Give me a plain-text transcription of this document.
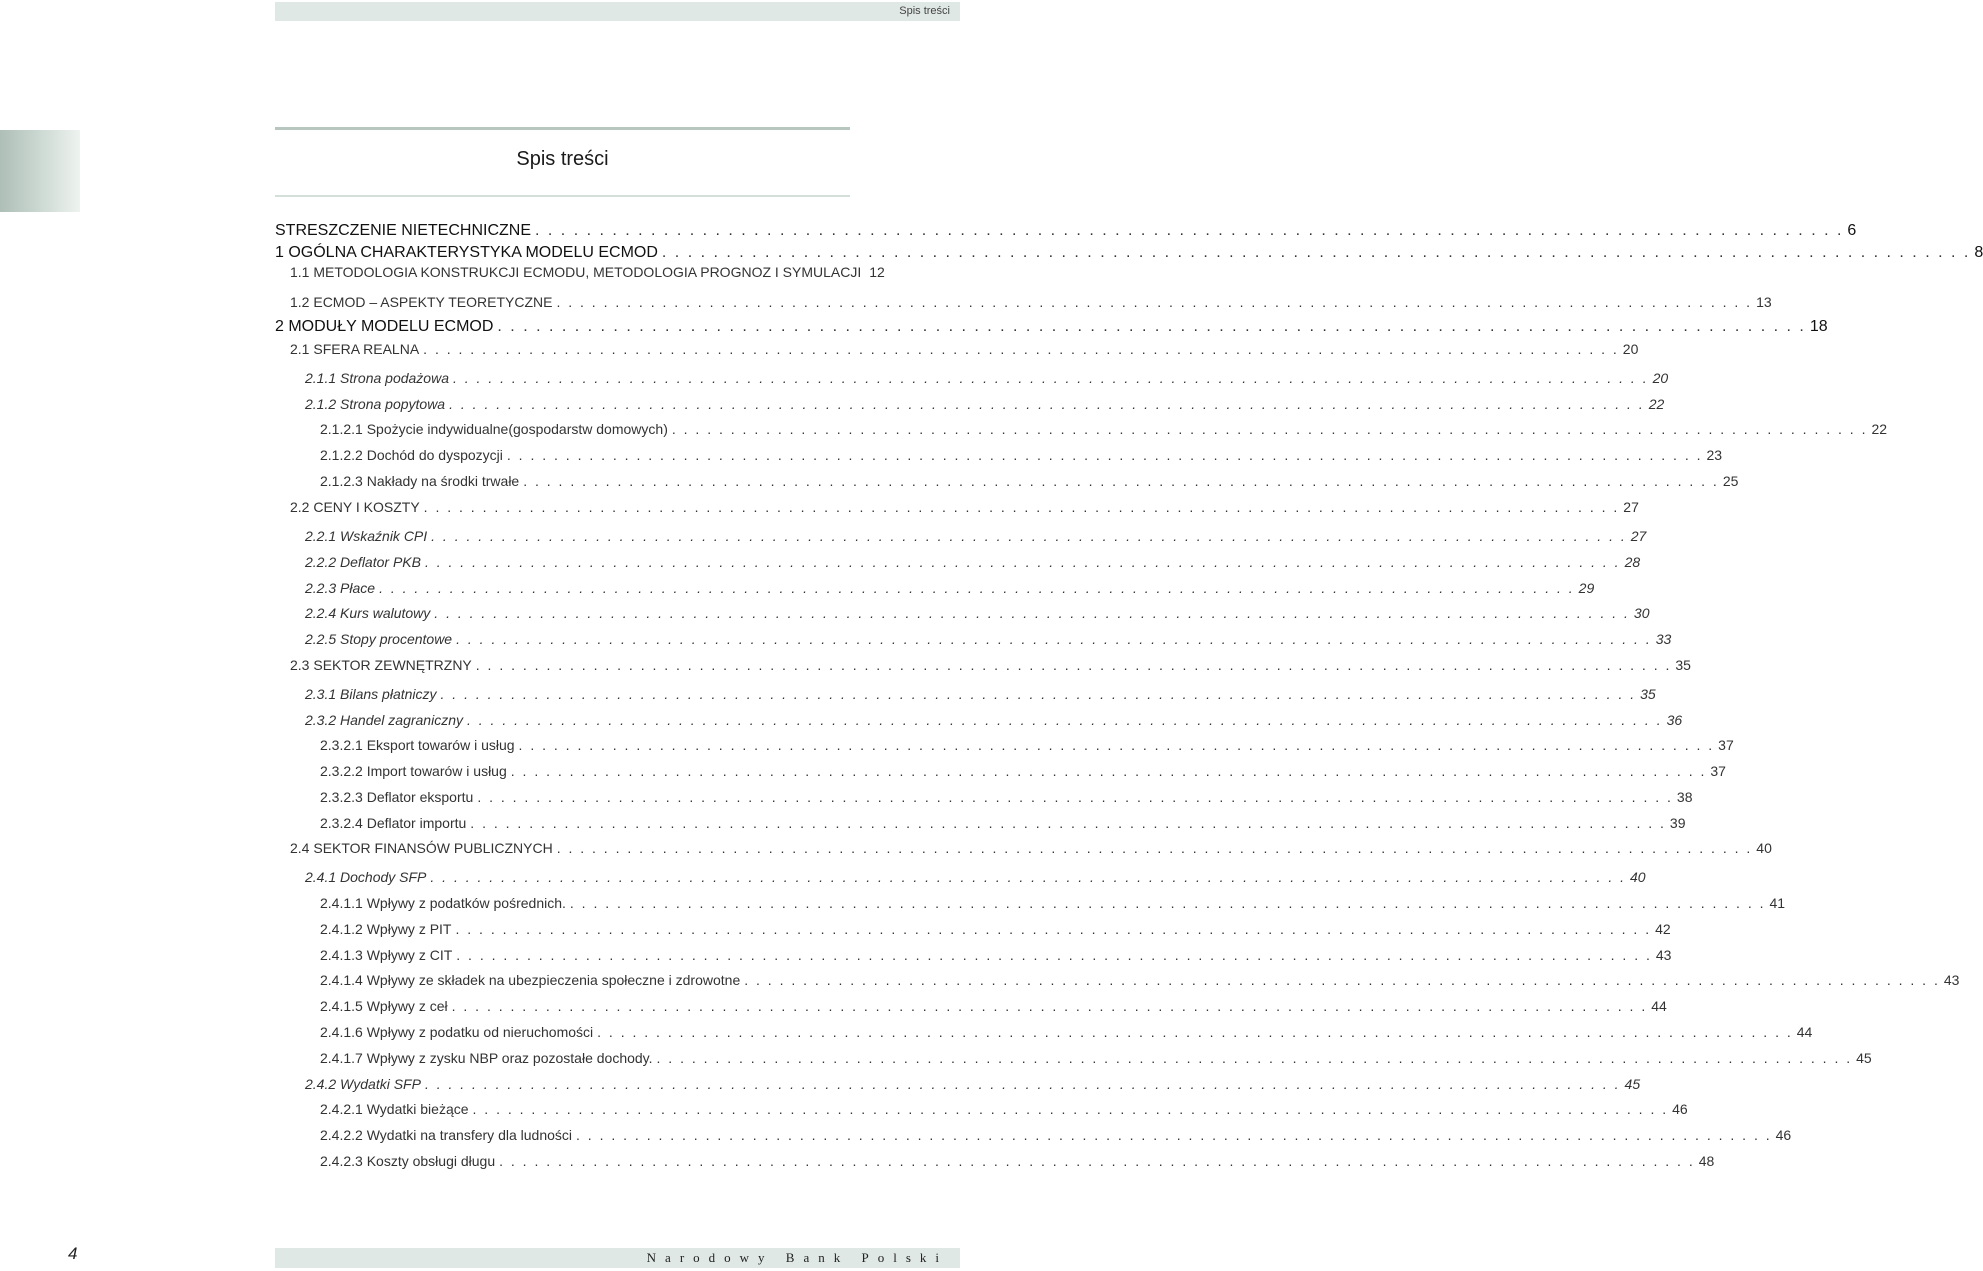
Spis treści
Spis treści
STRESZCZENIE NIETECHNICZNE . . .	6
1 OGÓLNA CHARAKTERYSTYKA MODELU ECMOD . . .	8
1.1 METODOLOGIA KONSTRUKCJI ECMODU, METODOLOGIA PROGNOZ I SYMULACJI 12
1.2 ECMOD – ASPEKTY TEORETYCZNE . . .	13
2 MODUŁY MODELU ECMOD . . .	18
2.1 SFERA REALNA . . .	20
2.1.1 Strona podażowa . . .	20
2.1.2 Strona popytowa . . .	22
2.1.2.1 Spożycie indywidualne(gospodarstw domowych) . . .	22
2.1.2.2 Dochód do dyspozycji . . .	23
2.1.2.3 Nakłady na środki trwałe . . .	25
2.2 CENY I KOSZTY . . .	27
2.2.1 Wskaźnik CPI . . .	27
2.2.2 Deflator PKB . . .	28
2.2.3 Płace . . .	29
2.2.4 Kurs walutowy . . .	30
2.2.5 Stopy procentowe . . .	33
2.3 SEKTOR ZEWNĘTRZNY . . .	35
2.3.1 Bilans płatniczy . . .	35
2.3.2 Handel zagraniczny . . .	36
2.3.2.1 Eksport towarów i usług . . .	37
2.3.2.2 Import towarów i usług . . .	37
2.3.2.3 Deflator eksportu . . .	38
2.3.2.4 Deflator importu . . .	39
2.4 SEKTOR FINANSÓW PUBLICZNYCH . . .	40
2.4.1 Dochody SFP . . .	40
2.4.1.1 Wpływy z podatków pośrednich. . . .	41
2.4.1.2 Wpływy z PIT . . .	42
2.4.1.3 Wpływy z CIT . . .	43
2.4.1.4 Wpływy ze składek na ubezpieczenia społeczne i zdrowotne . . .	43
2.4.1.5 Wpływy z ceł . . .	44
2.4.1.6 Wpływy z podatku od nieruchomości . . .	44
2.4.1.7 Wpływy z zysku NBP oraz pozostałe dochody. . . .	45
2.4.2 Wydatki SFP . . .	45
2.4.2.1 Wydatki bieżące . . .	46
2.4.2.2 Wydatki na transfery dla ludności . . .	46
2.4.2.3 Koszty obsługi długu . . .	48
4	Narodowy Bank Polski
